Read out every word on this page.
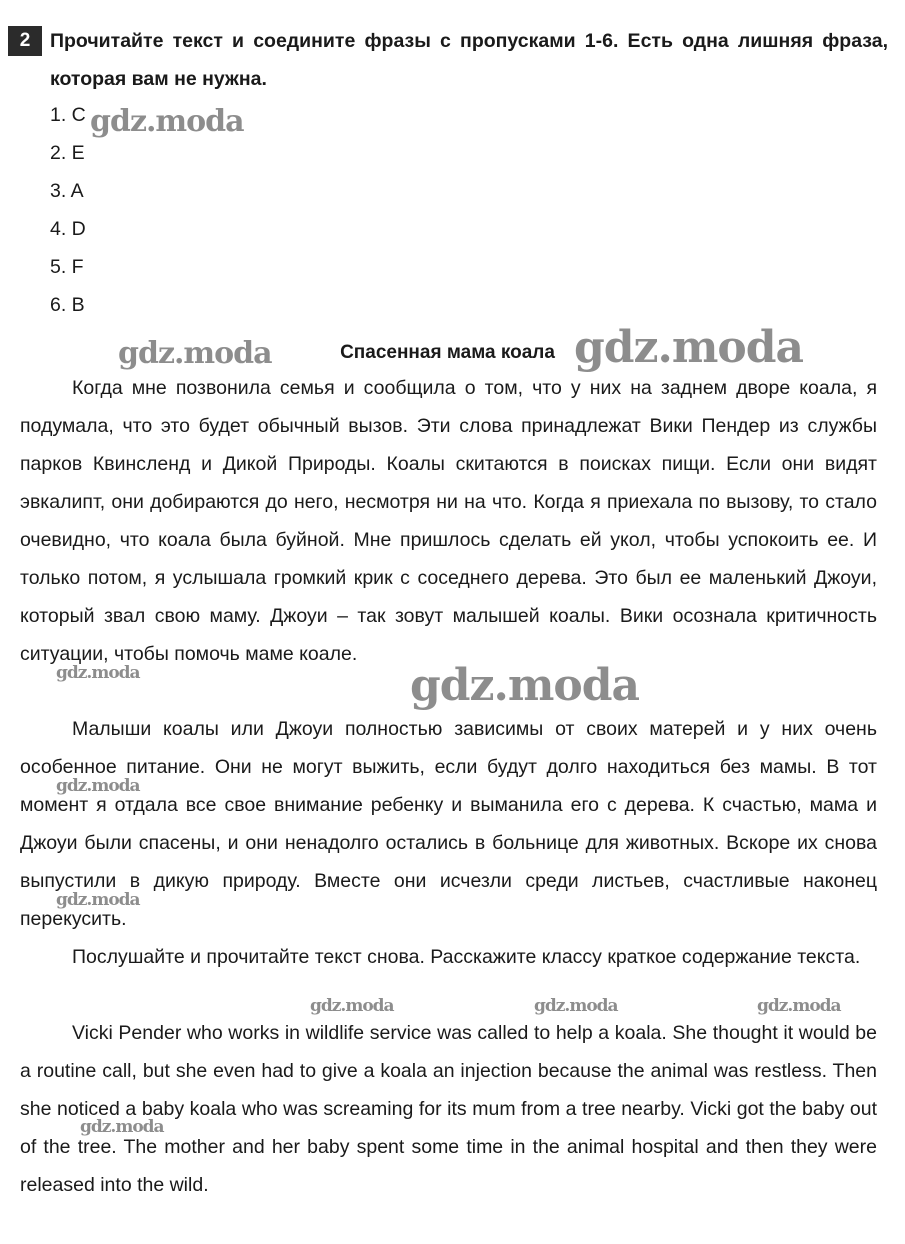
2	Прочитайте текст и соедините фразы с пропусками 1-6. Есть одна лишняя фраза, которая вам не нужна.
1. C
2. E
3. A
4. D
5. F
6. B
Спасенная мама коала

Когда мне позвонила семья и сообщила о том, что у них на заднем дворе коала, я подумала, что это будет обычный вызов. Эти слова принадлежат Вики Пендер из службы парков Квинсленд и Дикой Природы. Коалы скитаются в поисках пищи. Если они видят эвкалипт, они добираются до него, несмотря ни на что. Когда я приехала по вызову, то стало очевидно, что коала была буйной. Мне пришлось сделать ей укол, чтобы успокоить ее. И только потом, я услышала громкий крик с соседнего дерева. Это был ее маленький Джоуи, который звал свою маму. Джоуи – так зовут малышей коалы. Вики осознала критичность ситуации, чтобы помочь маме коале.

Малыши коалы или Джоуи полностью зависимы от своих матерей и у них очень особенное питание. Они не могут выжить, если будут долго находиться без мамы. В тот момент я отдала все свое внимание ребенку и выманила его с дерева. К счастью, мама и Джоуи были спасены, и они ненадолго остались в больнице для животных. Вскоре их снова выпустили в дикую природу. Вместе они исчезли среди листьев, счастливые наконец перекусить.

Послушайте и прочитайте текст снова. Расскажите классу краткое содержание текста.

Vicki Pender who works in wildlife service was called to help a koala. She thought it would be a routine call, but she even had to give a koala an injection because the animal was restless. Then she noticed a baby koala who was screaming for its mum from a tree nearby. Vicki got the baby out of the tree. The mother and her baby spent some time in the animal hospital and then they were released into the wild.

gdz.moda
gdz.moda	gdz.moda
gdz.moda
gdz.moda
gdz.moda
gdz.moda
gdz.moda	gdz.moda	gdz.moda
gdz.moda
